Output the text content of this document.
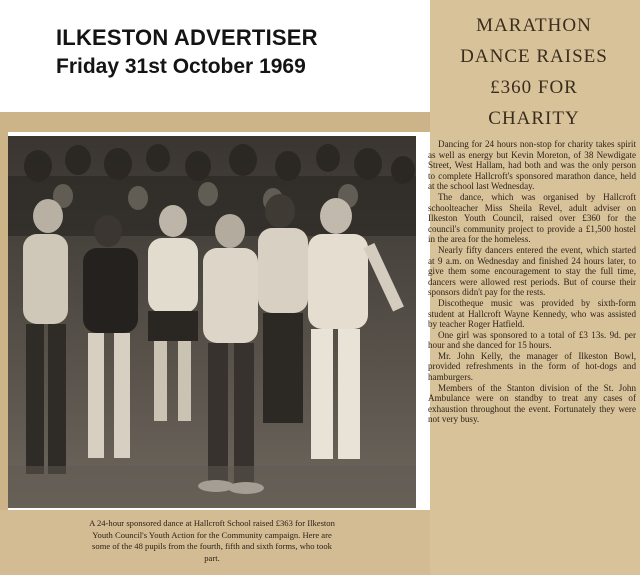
ILKESTON ADVERTISER
Friday 31st October 1969
MARATHON
DANCE RAISES
£360 FOR
CHARITY

Dancing for 24 hours non-stop for charity takes spirit as well as energy but Kevin Moreton, of 38 Newdigate Street, West Hallam, had both and was the only person to complete Hallcroft's sponsored marathon dance, held at the school last Wednesday.

The dance, which was organised by Hallcroft schoolteacher Miss Sheila Revel, adult adviser on Ilkeston Youth Council, raised over £360 for the council's community project to provide a £1,500 hostel in the area for the homeless.

Nearly fifty dancers entered the event, which started at 9 a.m. on Wednesday and finished 24 hours later, to give them some encouragement to stay the full time, dancers were allowed rest periods. But of course their sponsors didn't pay for the rests.

Discotheque music was provided by sixth-form student at Hallcroft Wayne Kennedy, who was assisted by teacher Roger Hatfield.

One girl was sponsored to a total of £3 13s. 9d. per hour and she danced for 15 hours.

Mr. John Kelly, the manager of Ilkeston Bowl, provided refreshments in the form of hot-dogs and hamburgers.

Members of the Stanton division of the St. John Ambulance were on standby to treat any cases of exhaustion throughout the event. Fortunately they were not very busy.

A 24-hour sponsored dance at Hallcroft School raised £363 for Ilkeston
Youth Council's Youth Action for the Community campaign. Here are
some of the 48 pupils from the fourth, fifth and sixth forms, who took
part.
